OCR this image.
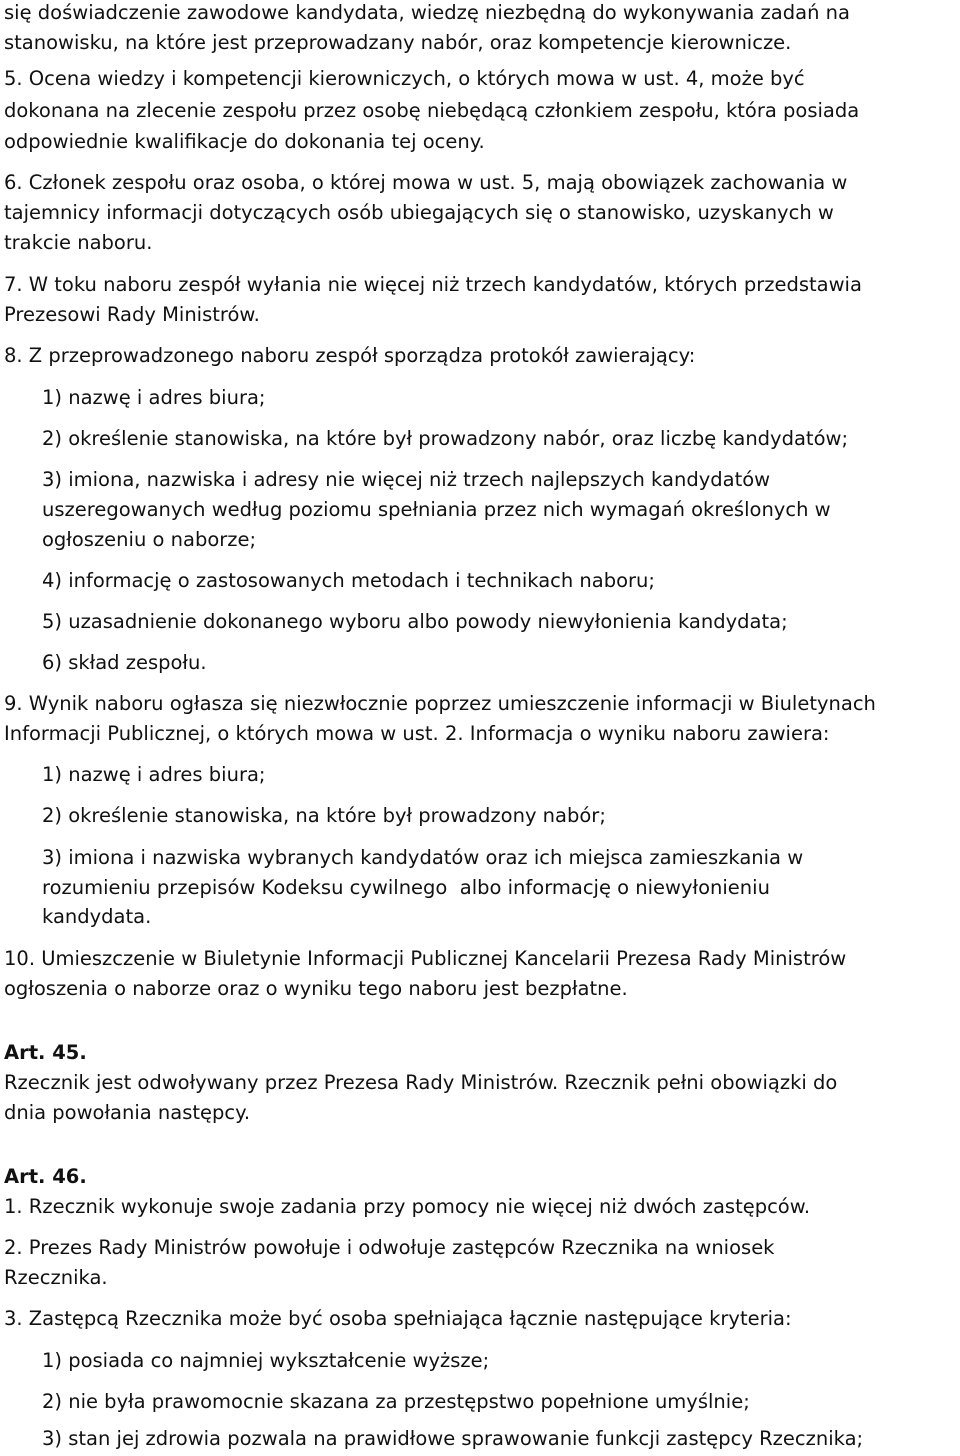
się doświadczenie zawodowe kandydata, wiedzę niezbędną do wykonywania zadań na
stanowisku, na które jest przeprowadzany nabór, oraz kompetencje kierownicze.
5. Ocena wiedzy i kompetencji kierowniczych, o których mowa w ust. 4, może być
dokonana na zlecenie zespołu przez osobę niebędącą członkiem zespołu, która posiada
odpowiednie kwalifikacje do dokonania tej oceny.
6. Członek zespołu oraz osoba, o której mowa w ust. 5, mają obowiązek zachowania w
tajemnicy informacji dotyczących osób ubiegających się o stanowisko, uzyskanych w
trakcie naboru.
7. W toku naboru zespół wyłania nie więcej niż trzech kandydatów, których przedstawia
Prezesowi Rady Ministrów.
8. Z przeprowadzonego naboru zespół sporządza protokół zawierający:
1) nazwę i adres biura;
2) określenie stanowiska, na które był prowadzony nabór, oraz liczbę kandydatów;
3) imiona, nazwiska i adresy nie więcej niż trzech najlepszych kandydatów
uszeregowanych według poziomu spełniania przez nich wymagań określonych w
ogłoszeniu o naborze;
4) informację o zastosowanych metodach i technikach naboru;
5) uzasadnienie dokonanego wyboru albo powody niewyłonienia kandydata;
6) skład zespołu.
9. Wynik naboru ogłasza się niezwłocznie poprzez umieszczenie informacji w Biuletynach
Informacji Publicznej, o których mowa w ust. 2. Informacja o wyniku naboru zawiera:
1) nazwę i adres biura;
2) określenie stanowiska, na które był prowadzony nabór;
3) imiona i nazwiska wybranych kandydatów oraz ich miejsca zamieszkania w
rozumieniu przepisów Kodeksu cywilnego  albo informację o niewyłonieniu
kandydata.
10. Umieszczenie w Biuletynie Informacji Publicznej Kancelarii Prezesa Rady Ministrów
ogłoszenia o naborze oraz o wyniku tego naboru jest bezpłatne.
Art. 45.
Rzecznik jest odwoływany przez Prezesa Rady Ministrów. Rzecznik pełni obowiązki do
dnia powołania następcy.
Art. 46.
1. Rzecznik wykonuje swoje zadania przy pomocy nie więcej niż dwóch zastępców.
2. Prezes Rady Ministrów powołuje i odwołuje zastępców Rzecznika na wniosek
Rzecznika.
3. Zastępcą Rzecznika może być osoba spełniająca łącznie następujące kryteria:
1) posiada co najmniej wykształcenie wyższe;
2) nie była prawomocnie skazana za przestępstwo popełnione umyślnie;
3) stan jej zdrowia pozwala na prawidłowe sprawowanie funkcji zastępcy Rzecznika;
